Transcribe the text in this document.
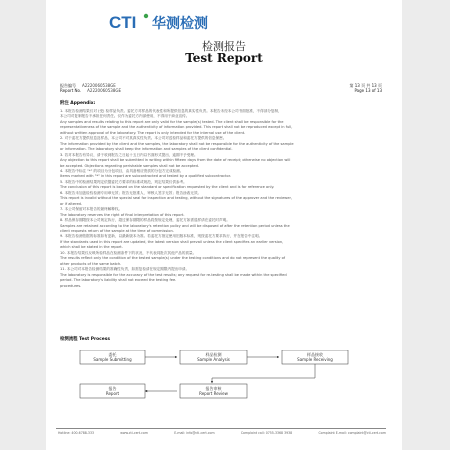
CTI 华测检测
检测报告
Test Report
报告编号 A2220060538GE
Report No. A2220060538GE
第 13 页 共 13 页
Page 13 of 13
附注 Appendix:
1. 本报告检测结果仅对 (受) 检样品负责。委托方对样品的代表性和所提供信息的真实性负责。本报告未经本公司书面批准，不得部分复制，
本公司对复制报告不承担任何责任。仅作为委托方内部使用，不得用于商业宣传。
Any samples and results relating to this report are only valid for the sample(s) tested. The client shall be responsible for the
representativeness of the sample and the authenticity of information provided. This report shall not be reproduced except in full,
without written approval of the laboratory. The report is only intended for the internal use of the client.
2. 对于委托方提供信息及样品，本公司不对其真实性负责。本公司对送检样品和委托方提供的信息保密。
The information provided by the client and the samples, the laboratory shall not be responsible for the authenticity of the sample
or information. The laboratory shall keep the information and samples of the client confidential.
3. 若对本报告有异议，请于收到报告之日起十五日内以书面形式提出，逾期不予受理。
Any objection to this report shall be submitted in writing within fifteen days from the date of receipt; otherwise no objection will
be accepted. Objections regarding perishable samples shall not be accepted.
4. 本报告中标注 "*" 的项目为分包项目，由具备相应资质的分包方完成检测。
Items marked with "*" in this report are subcontracted and tested by a qualified subcontractor.
5. 本报告中的检测结果判定依据委托方要求的标准或规范，判定结果仅供参考。
The conclusion of this report is based on the standard or specification requested by the client and is for reference only.
6. 本报告未加盖检验检测专用章无效；报告无批准人、审核人签字无效；报告涂改无效。
This report is invalid without the special seal for inspection and testing, without the signatures of the approver and the reviewer,
or if altered.
7. 本公司保留对本报告的最终解释权。
The laboratory reserves the right of final interpretation of this report.
8. 样品保存期限按本公司规定执行，超过保存期限的样品将按规定处理，委托方如需退样请在委托时声明。
Samples are retained according to the laboratory's retention policy and will be disposed of after the retention period unless the
client requests return of the sample at the time of commission.
9. 本报告检测依据的标准如有更新，以最新版本为准。若委托方指定使用旧版本标准，则按委托方要求执行，并在报告中注明。
If the standards used in this report are updated, the latest version shall prevail unless the client specifies an earlier version,
which shall be stated in the report.
10. 本报告结果仅反映所检样品在检测条件下的状况，不代表同批次其他产品的质量。
The results reflect only the condition of the tested sample(s) under the testing conditions and do not represent the quality of
other products of the same batch.
11. 本公司对本报告检测结果的准确性负责，如需复检请在规定期限内提出申请。
The laboratory is responsible for the accuracy of the test results; any request for re-testing shall be made within the specified
period. The laboratory's liability shall not exceed the testing fee.
procedures.
检测流程 Test Process
委托
Sample Submitting
样品检测
Sample Analysis
样品接收
Sample Receiving
报告
Report
报告审核
Report Review
Hotline: 400-6788-333	www.cti-cert.com	E-mail: info@cti-cert.com	Complaint call: 0755-3368 3938	Complaint E-mail: complaint@cti-cert.com
